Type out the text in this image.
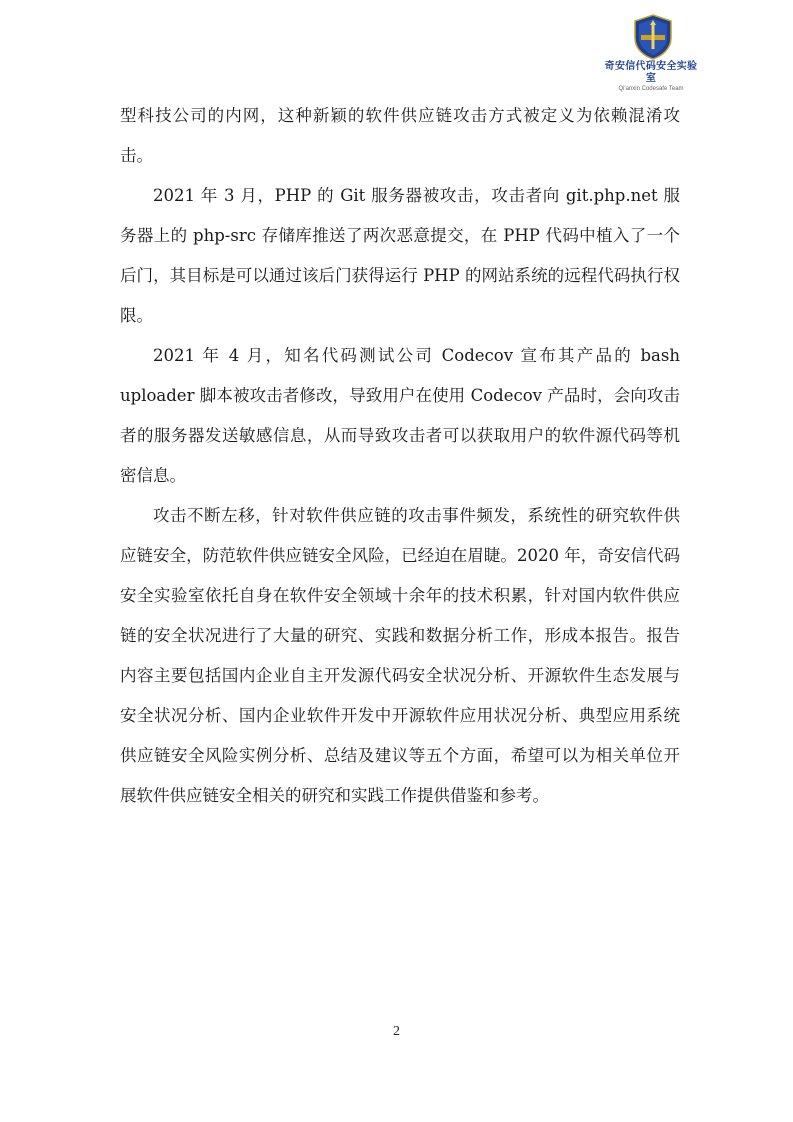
奇安信代码安全实验室
Qi'anxin Codesafe Team

型科技公司的内网，这种新颖的软件供应链攻击方式被定义为依赖混淆攻击。

2021 年 3 月，PHP 的 Git 服务器被攻击，攻击者向 git.php.net 服务器上的 php-src 存储库推送了两次恶意提交，在 PHP 代码中植入了一个后门，其目标是可以通过该后门获得运行 PHP 的网站系统的远程代码执行权限。

2021 年 4 月，知名代码测试公司 Codecov 宣布其产品的 bash uploader 脚本被攻击者修改，导致用户在使用 Codecov 产品时，会向攻击者的服务器发送敏感信息，从而导致攻击者可以获取用户的软件源代码等机密信息。

攻击不断左移，针对软件供应链的攻击事件频发，系统性的研究软件供应链安全，防范软件供应链安全风险，已经迫在眉睫。2020 年，奇安信代码安全实验室依托自身在软件安全领域十余年的技术积累，针对国内软件供应链的安全状况进行了大量的研究、实践和数据分析工作，形成本报告。报告内容主要包括国内企业自主开发源代码安全状况分析、开源软件生态发展与安全状况分析、国内企业软件开发中开源软件应用状况分析、典型应用系统供应链安全风险实例分析、总结及建议等五个方面，希望可以为相关单位开展软件供应链安全相关的研究和实践工作提供借鉴和参考。

2
